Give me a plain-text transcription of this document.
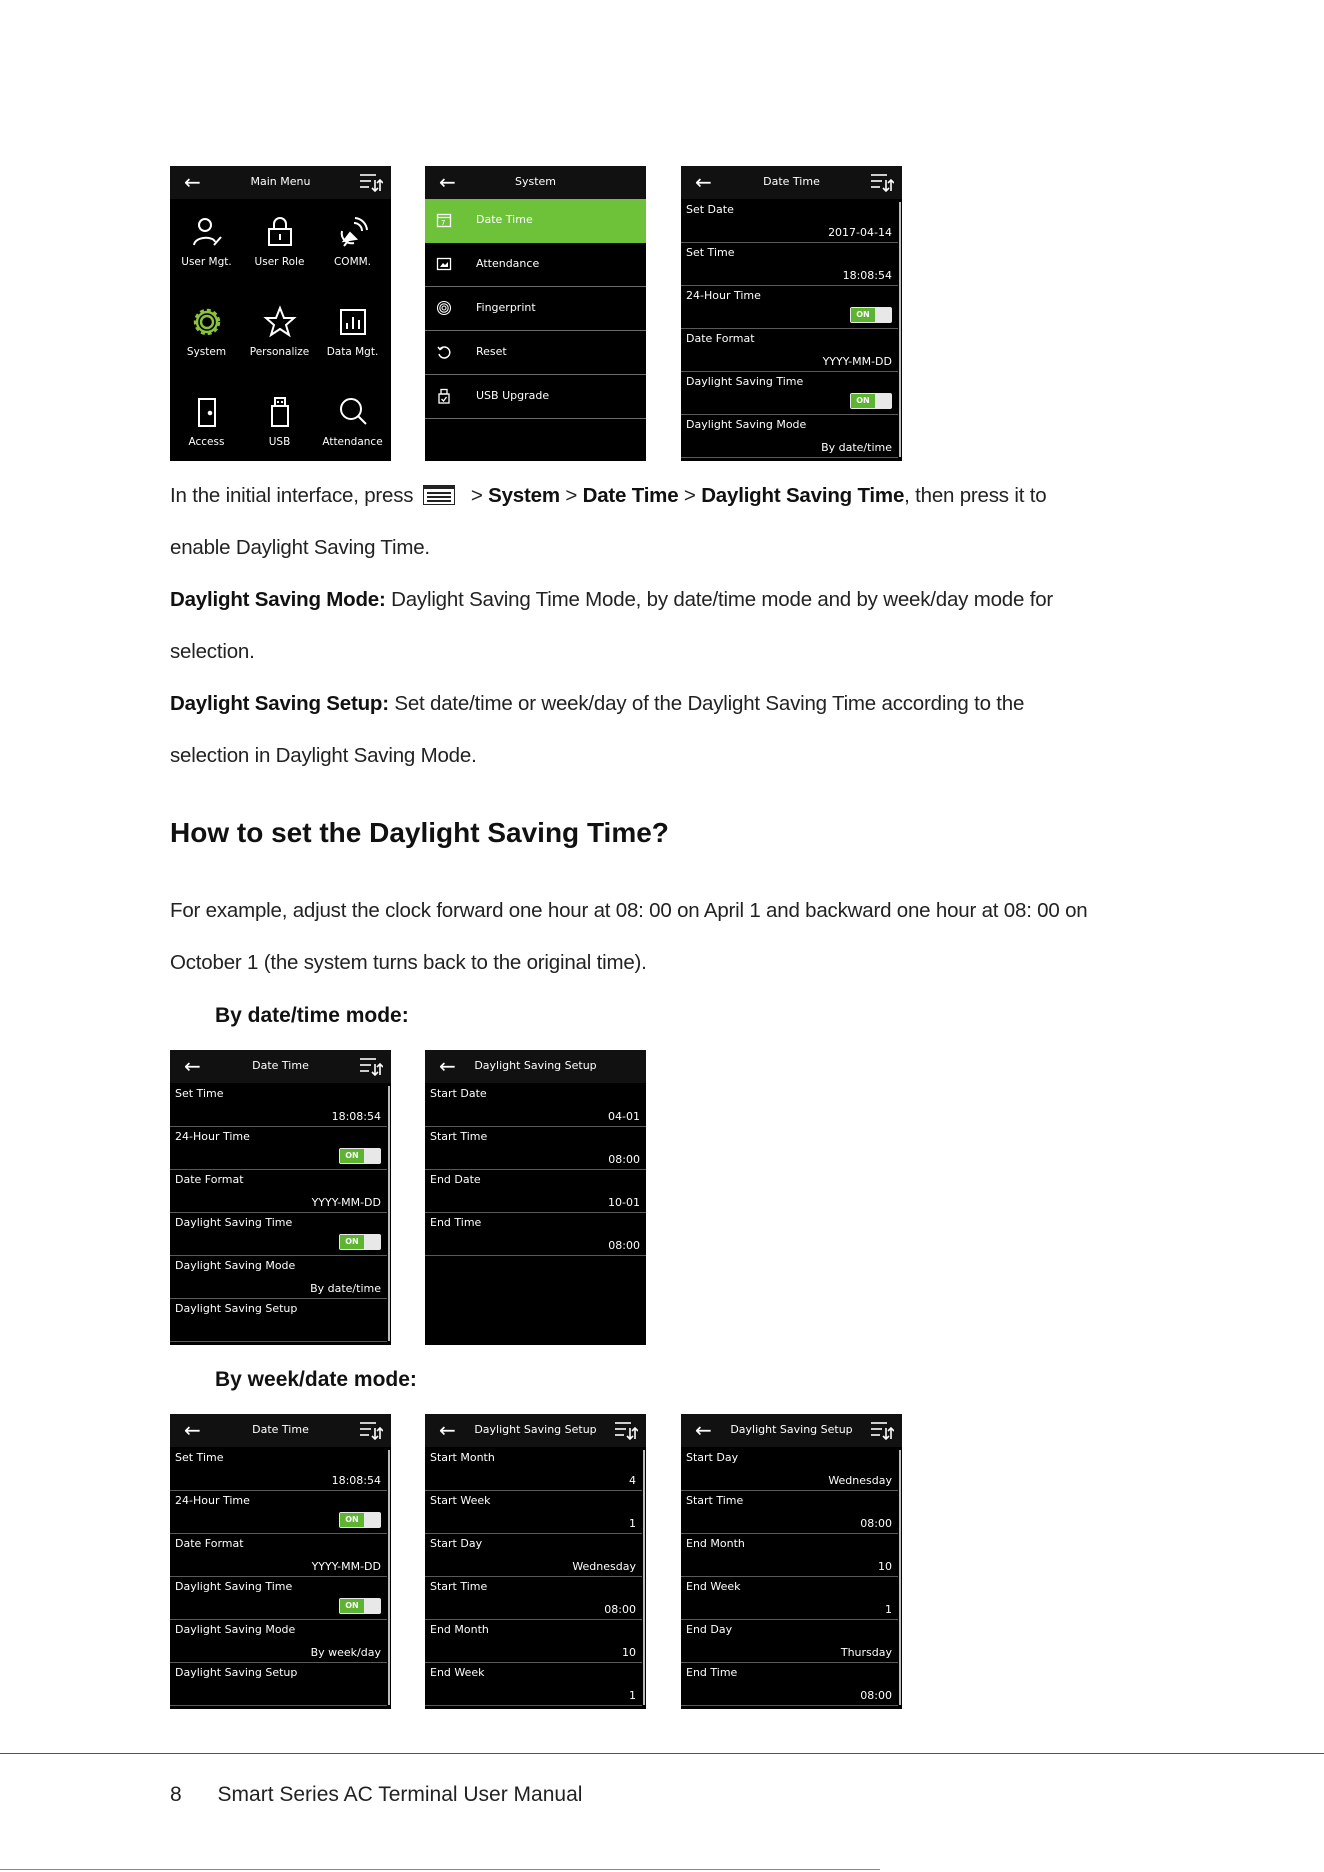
←	Main Menu
User Mgt.	User Role	COMM.
System	Personalize	Data Mgt.
Access	USB	Attendance
←	System
7	Date Time
Attendance
Fingerprint
Reset
USB Upgrade
←	Date Time
Set Date
2017-04-14
Set Time
18:08:54
24-Hour Time
ON
Date Format
YYYY-MM-DD
Daylight Saving Time
ON
Daylight Saving Mode
By date/time
In the initial interface, press	> System > Date Time > Daylight Saving Time, then press it to
enable Daylight Saving Time.
Daylight Saving Mode: Daylight Saving Time Mode, by date/time mode and by week/day mode for
selection.
Daylight Saving Setup: Set date/time or week/day of the Daylight Saving Time according to the
selection in Daylight Saving Mode.
How to set the Daylight Saving Time?
For example, adjust the clock forward one hour at 08: 00 on April 1 and backward one hour at 08: 00 on
October 1 (the system turns back to the original time).
By date/time mode:
←	Date Time
Set Time
18:08:54
24-Hour Time
ON
Date Format
YYYY-MM-DD
Daylight Saving Time
ON
Daylight Saving Mode
By date/time
Daylight Saving Setup
←	Daylight Saving Setup
Start Date
04-01
Start Time
08:00
End Date
10-01
End Time
08:00
By week/date mode:
←	Date Time
Set Time
18:08:54
24-Hour Time
ON
Date Format
YYYY-MM-DD
Daylight Saving Time
ON
Daylight Saving Mode
By week/day
Daylight Saving Setup
←	Daylight Saving Setup
Start Month
4
Start Week
1
Start Day
Wednesday
Start Time
08:00
End Month
10
End Week
1
←	Daylight Saving Setup
Start Day
Wednesday
Start Time
08:00
End Month
10
End Week
1
End Day
Thursday
End Time
08:00
8 Smart Series AC Terminal User Manual
